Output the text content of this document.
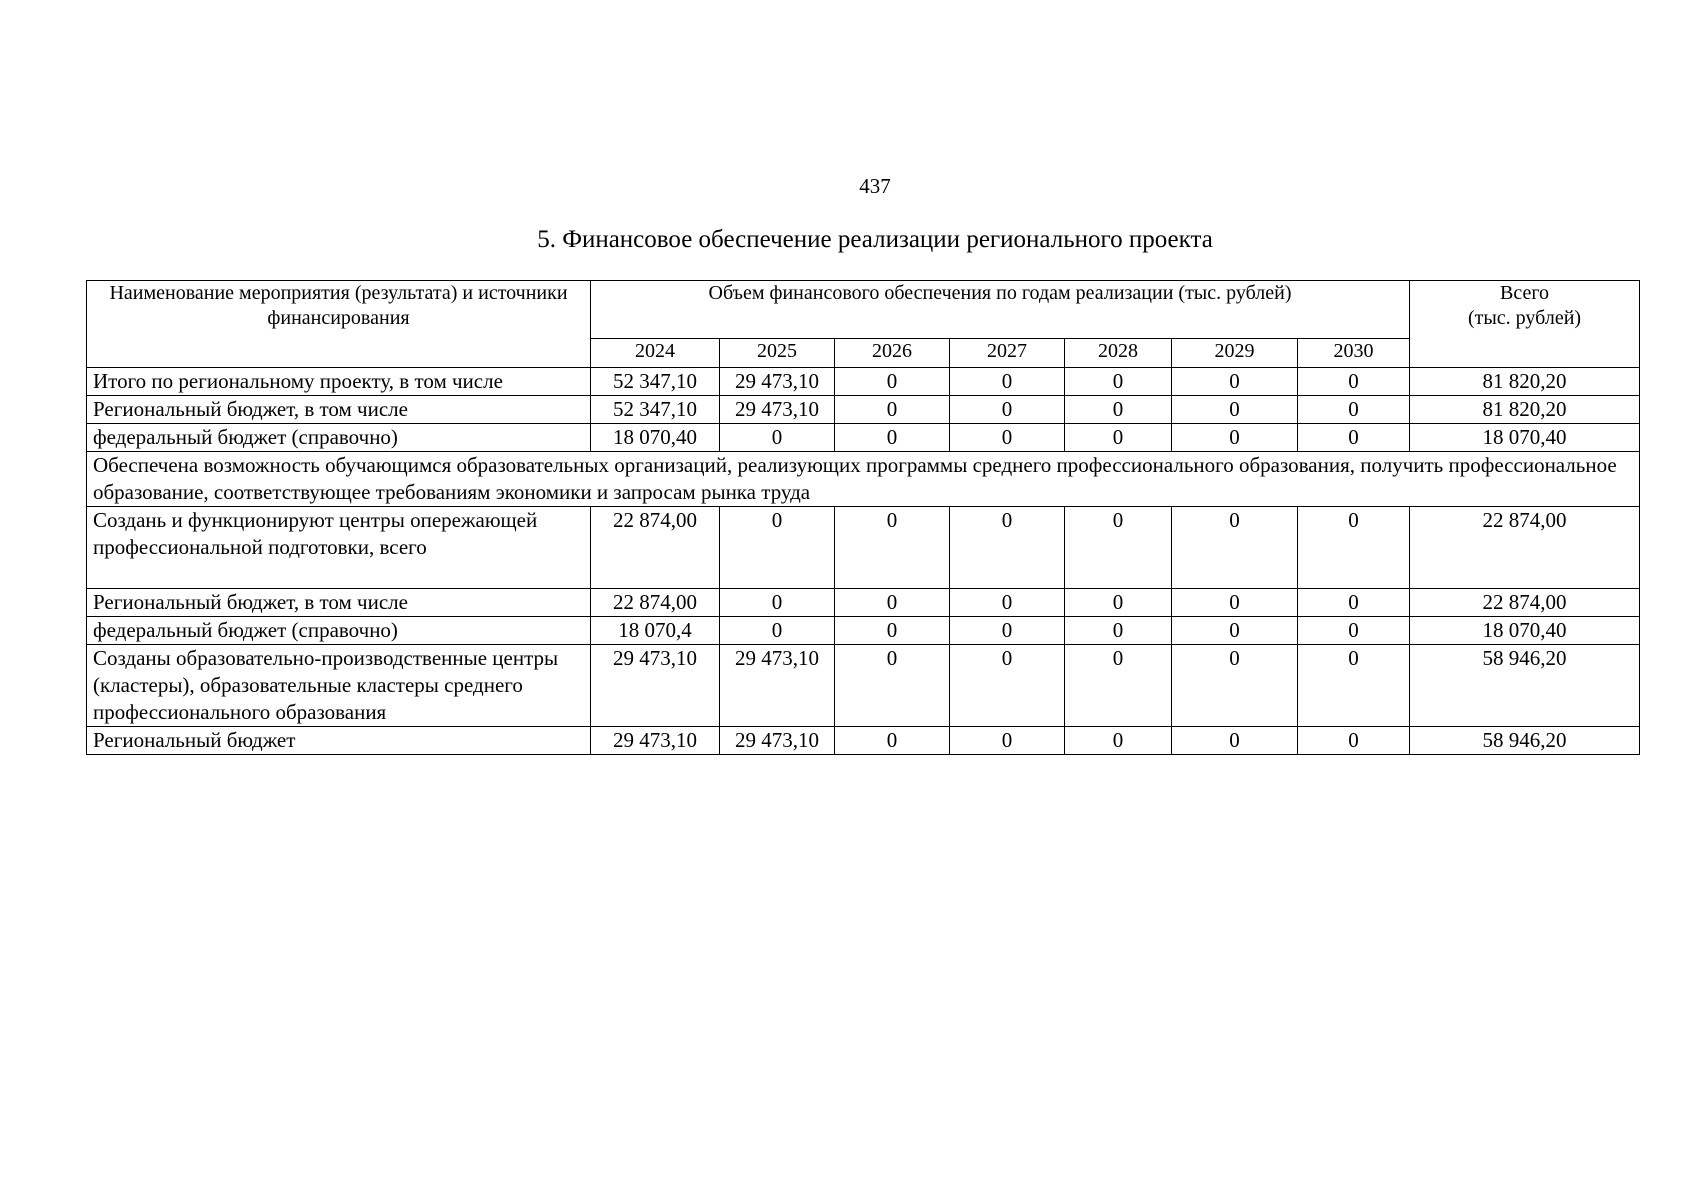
437
5. Финансовое обеспечение реализации регионального проекта
Наименование мероприятия (результата) и источники финансирования	Объем финансового обеспечения по годам реализации (тыс. рублей)							Всего
(тыс. рублей)

	2024	2025	2026	2027	2028	2029	2030	
Итого по региональному проекту, в том числе	52 347,10	29 473,10	0	0	0	0	0	81 820,20
Региональный бюджет, в том числе	52 347,10	29 473,10	0	0	0	0	0	81 820,20
федеральный бюджет (справочно)	18 070,40	0	0	0	0	0	0	18 070,40
Обеспечена возможность обучающимся образовательных организаций, реализующих программы среднего профессионального образования, получить профессиональное образование, соответствующее требованиям экономики и запросам рынка труда								
Создань и функционируют центры опережающей профессиональной подготовки, всего	22 874,00	0	0	0	0	0	0	22 874,00
Региональный бюджет, в том числе	22 874,00	0	0	0	0	0	0	22 874,00
федеральный бюджет (справочно)	18 070,4	0	0	0	0	0	0	18 070,40
Созданы образовательно-производственные центры (кластеры), образовательные кластеры среднего профессионального образования	29 473,10	29 473,10	0	0	0	0	0	58 946,20
Региональный бюджет	29 473,10	29 473,10	0	0	0	0	0	58 946,20
